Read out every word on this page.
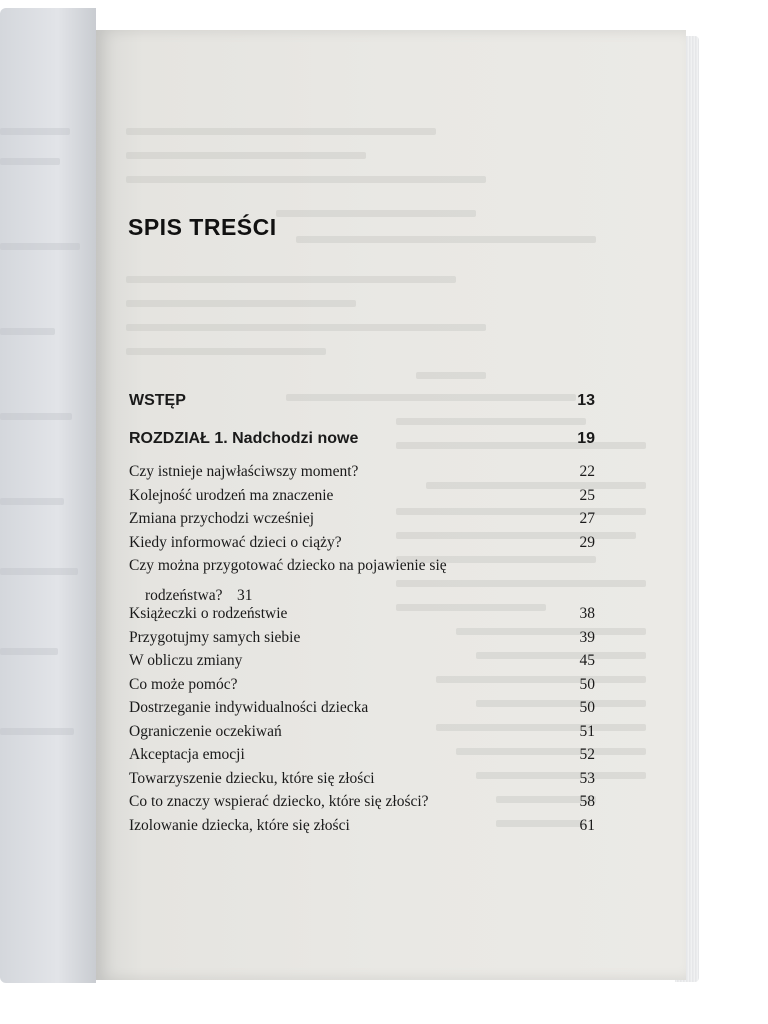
SPIS TREŚCI
WSTĘP	13
ROZDZIAŁ 1. Nadchodzi nowe	19
Czy istnieje najwłaściwszy moment?	22
Kolejność urodzeń ma znaczenie	25
Zmiana przychodzi wcześniej	27
Kiedy informować dzieci o ciąży?	29
Czy można przygotować dziecko na pojawienie się
rodzeństwa? 31
Książeczki o rodzeństwie	38
Przygotujmy samych siebie	39
W obliczu zmiany	45
Co może pomóc?	50
Dostrzeganie indywidualności dziecka	50
Ograniczenie oczekiwań	51
Akceptacja emocji	52
Towarzyszenie dziecku, które się złości	53
Co to znaczy wspierać dziecko, które się złości?	58
Izolowanie dziecka, które się złości	61
